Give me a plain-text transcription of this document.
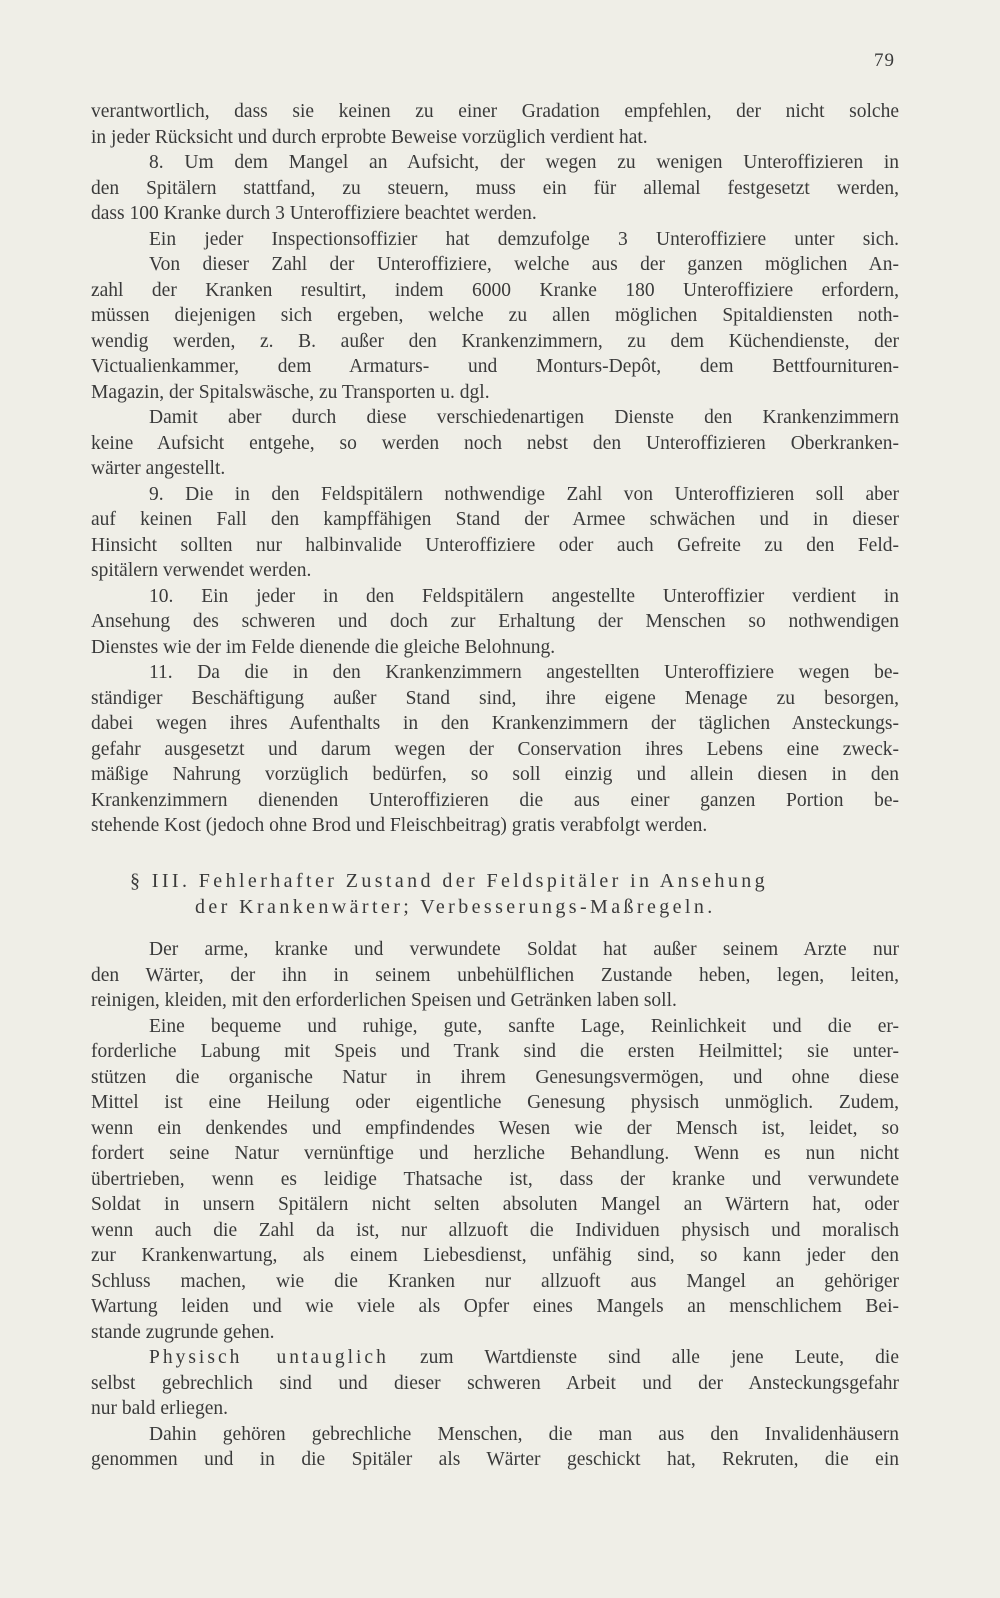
79
verantwortlich, dass sie keinen zu einer Gradation empfehlen, der nicht solche
in jeder Rücksicht und durch erprobte Beweise vorzüglich verdient hat.
8. Um dem Mangel an Aufsicht, der wegen zu wenigen Unteroffizieren in
den Spitälern stattfand, zu steuern, muss ein für allemal festgesetzt werden,
dass 100 Kranke durch 3 Unteroffiziere beachtet werden.
Ein jeder Inspectionsoffizier hat demzufolge 3 Unteroffiziere unter sich.
Von dieser Zahl der Unteroffiziere, welche aus der ganzen möglichen An-
zahl der Kranken resultirt, indem 6000 Kranke 180 Unteroffiziere erfordern,
müssen diejenigen sich ergeben, welche zu allen möglichen Spitaldiensten noth-
wendig werden, z. B. außer den Krankenzimmern, zu dem Küchendienste, der
Victualienkammer, dem Armaturs- und Monturs-Depôt, dem Bettfournituren-
Magazin, der Spitalswäsche, zu Transporten u. dgl.
Damit aber durch diese verschiedenartigen Dienste den Krankenzimmern
keine Aufsicht entgehe, so werden noch nebst den Unteroffizieren Oberkranken-
wärter angestellt.
9. Die in den Feldspitälern nothwendige Zahl von Unteroffizieren soll aber
auf keinen Fall den kampffähigen Stand der Armee schwächen und in dieser
Hinsicht sollten nur halbinvalide Unteroffiziere oder auch Gefreite zu den Feld-
spitälern verwendet werden.
10. Ein jeder in den Feldspitälern angestellte Unteroffizier verdient in
Ansehung des schweren und doch zur Erhaltung der Menschen so nothwendigen
Dienstes wie der im Felde dienende die gleiche Belohnung.
11. Da die in den Krankenzimmern angestellten Unteroffiziere wegen be-
ständiger Beschäftigung außer Stand sind, ihre eigene Menage zu besorgen,
dabei wegen ihres Aufenthalts in den Krankenzimmern der täglichen Ansteckungs-
gefahr ausgesetzt und darum wegen der Conservation ihres Lebens eine zweck-
mäßige Nahrung vorzüglich bedürfen, so soll einzig und allein diesen in den
Krankenzimmern dienenden Unteroffizieren die aus einer ganzen Portion be-
stehende Kost (jedoch ohne Brod und Fleischbeitrag) gratis verabfolgt werden.
§ III. Fehlerhafter Zustand der Feldspitäler in Ansehung
der Krankenwärter; Verbesserungs-Maßregeln.
Der arme, kranke und verwundete Soldat hat außer seinem Arzte nur
den Wärter, der ihn in seinem unbehülflichen Zustande heben, legen, leiten,
reinigen, kleiden, mit den erforderlichen Speisen und Getränken laben soll.
Eine bequeme und ruhige, gute, sanfte Lage, Reinlichkeit und die er-
forderliche Labung mit Speis und Trank sind die ersten Heilmittel; sie unter-
stützen die organische Natur in ihrem Genesungsvermögen, und ohne diese
Mittel ist eine Heilung oder eigentliche Genesung physisch unmöglich. Zudem,
wenn ein denkendes und empfindendes Wesen wie der Mensch ist, leidet, so
fordert seine Natur vernünftige und herzliche Behandlung. Wenn es nun nicht
übertrieben, wenn es leidige Thatsache ist, dass der kranke und verwundete
Soldat in unsern Spitälern nicht selten absoluten Mangel an Wärtern hat, oder
wenn auch die Zahl da ist, nur allzuoft die Individuen physisch und moralisch
zur Krankenwartung, als einem Liebesdienst, unfähig sind, so kann jeder den
Schluss machen, wie die Kranken nur allzuoft aus Mangel an gehöriger
Wartung leiden und wie viele als Opfer eines Mangels an menschlichem Bei-
stande zugrunde gehen.
Physisch untauglich zum Wartdienste sind alle jene Leute, die
selbst gebrechlich sind und dieser schweren Arbeit und der Ansteckungsgefahr
nur bald erliegen.
Dahin gehören gebrechliche Menschen, die man aus den Invalidenhäusern
genommen und in die Spitäler als Wärter geschickt hat, Rekruten, die ein
